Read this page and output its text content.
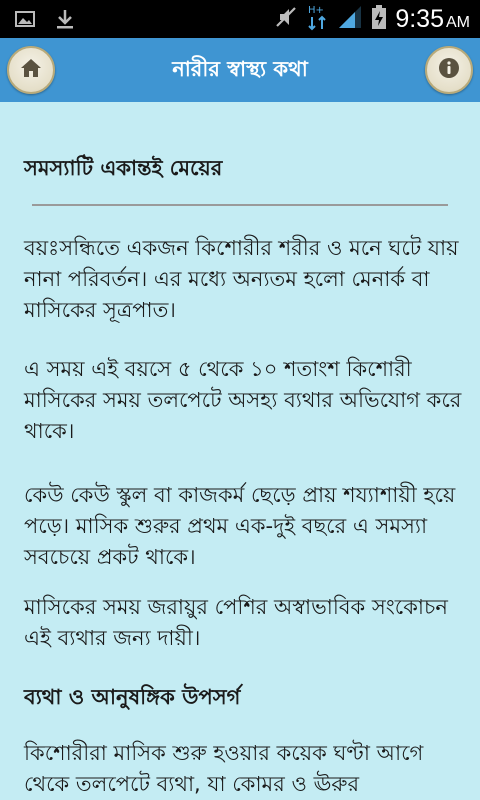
H+	9:35 AM
নারীর স্বাস্থ্য কথা
সমস্যাটি একান্তই মেয়ের
বয়ঃসন্ধিতে একজন কিশোরীর শরীর ও মনে ঘটে যায় নানা পরিবর্তন। এর মধ্যে অন্যতম হলো মেনার্ক বা মাসিকের সূত্রপাত।
এ সময় এই বয়সে ৫ থেকে ১০ শতাংশ কিশোরী মাসিকের সময় তলপেটে অসহ্য ব্যথার অভিযোগ করে থাকে।
কেউ কেউ স্কুল বা কাজকর্ম ছেড়ে প্রায় শয্যাশায়ী হয়ে পড়ে। মাসিক শুরুর প্রথম এক-দুই বছরে এ সমস্যা সবচেয়ে প্রকট থাকে।
মাসিকের সময় জরায়ুর পেশির অস্বাভাবিক সংকোচন এই ব্যথার জন্য দায়ী।
ব্যথা ও আনুষঙ্গিক উপসর্গ
কিশোরীরা মাসিক শুরু হওয়ার কয়েক ঘণ্টা আগে থেকে তলপেটে ব্যথা, যা কোমর ও ঊরুর
